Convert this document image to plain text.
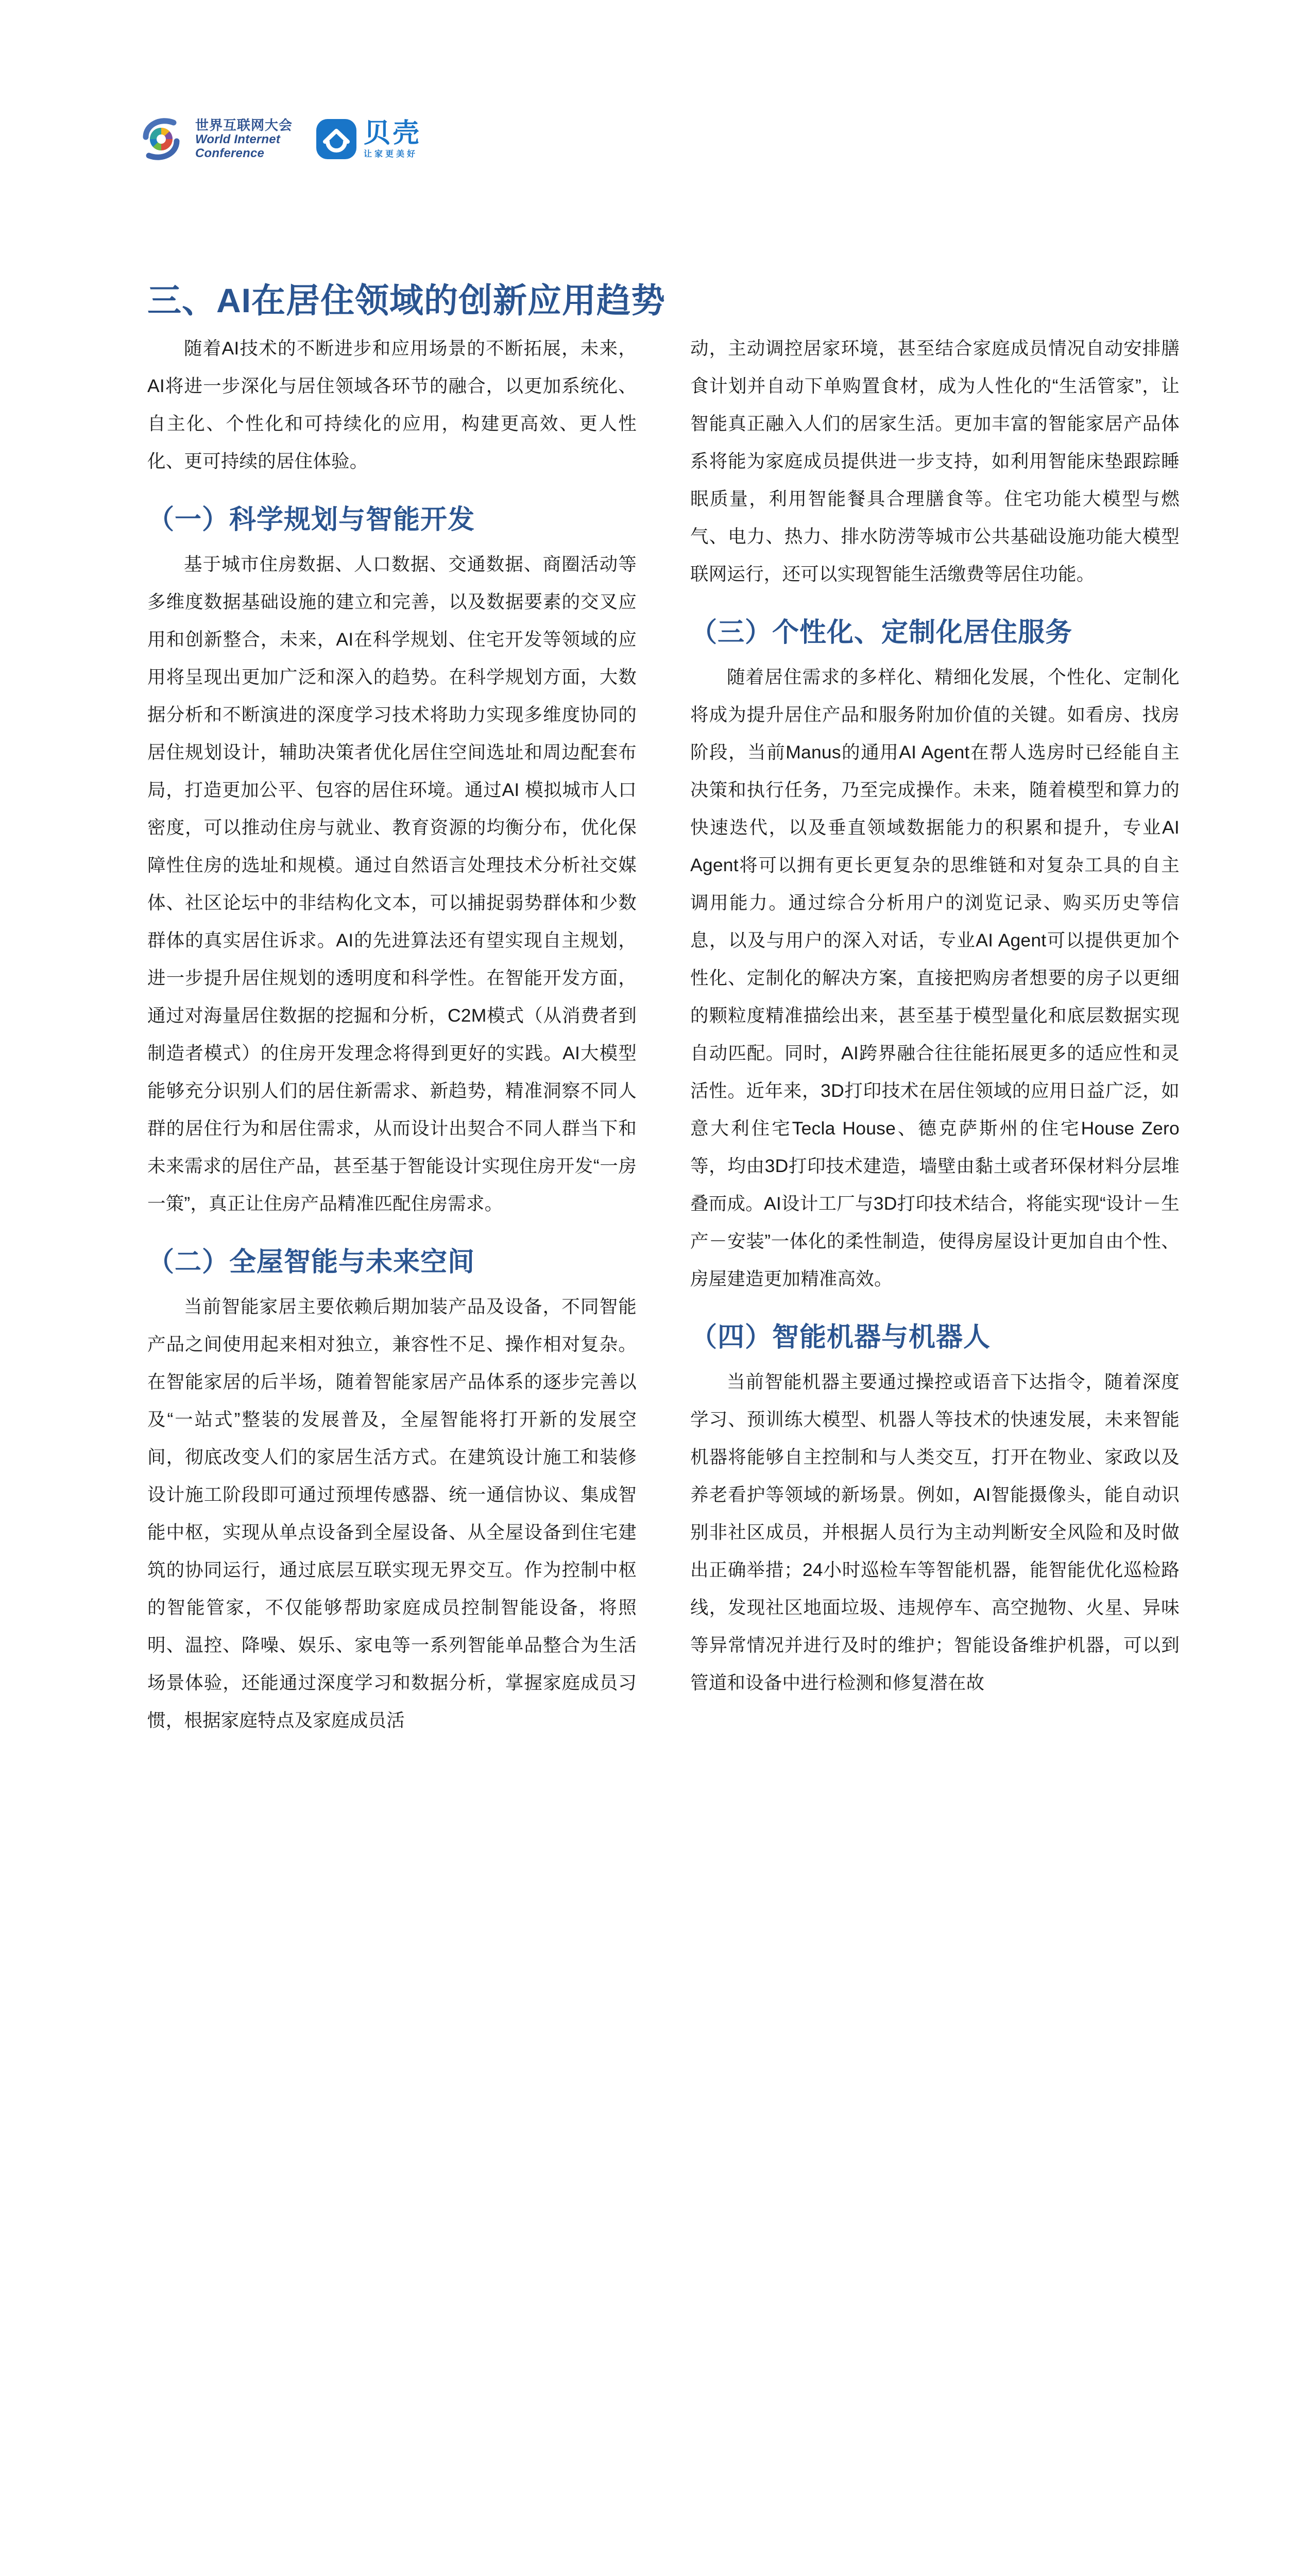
世界互联网大会
World Internet
Conference
贝壳
让家更美好
三、AI在居住领域的创新应用趋势

随着AI技术的不断进步和应用场景的不断拓展，未来，AI将进一步深化与居住领域各环节的融合，以更加系统化、自主化、个性化和可持续化的应用，构建更高效、更人性化、更可持续的居住体验。

（一）科学规划与智能开发

基于城市住房数据、人口数据、交通数据、商圈活动等多维度数据基础设施的建立和完善，以及数据要素的交叉应用和创新整合，未来，AI在科学规划、住宅开发等领域的应用将呈现出更加广泛和深入的趋势。在科学规划方面，大数据分析和不断演进的深度学习技术将助力实现多维度协同的居住规划设计，辅助决策者优化居住空间选址和周边配套布局，打造更加公平、包容的居住环境。通过AI 模拟城市人口密度，可以推动住房与就业、教育资源的均衡分布，优化保障性住房的选址和规模。通过自然语言处理技术分析社交媒体、社区论坛中的非结构化文本，可以捕捉弱势群体和少数群体的真实居住诉求。AI的先进算法还有望实现自主规划，进一步提升居住规划的透明度和科学性。在智能开发方面，通过对海量居住数据的挖掘和分析，C2M模式（从消费者到制造者模式）的住房开发理念将得到更好的实践。AI大模型能够充分识别人们的居住新需求、新趋势，精准洞察不同人群的居住行为和居住需求，从而设计出契合不同人群当下和未来需求的居住产品，甚至基于智能设计实现住房开发“一房一策”，真正让住房产品精准匹配住房需求。

（二）全屋智能与未来空间

当前智能家居主要依赖后期加装产品及设备，不同智能产品之间使用起来相对独立，兼容性不足、操作相对复杂。在智能家居的后半场，随着智能家居产品体系的逐步完善以及“一站式”整装的发展普及，全屋智能将打开新的发展空间，彻底改变人们的家居生活方式。在建筑设计施工和装修设计施工阶段即可通过预埋传感器、统一通信协议、集成智能中枢，实现从单点设备到全屋设备、从全屋设备到住宅建筑的协同运行，通过底层互联实现无界交互。作为控制中枢的智能管家，不仅能够帮助家庭成员控制智能设备，将照明、温控、降噪、娱乐、家电等一系列智能单品整合为生活场景体验，还能通过深度学习和数据分析，掌握家庭成员习惯，根据家庭特点及家庭成员活

动，主动调控居家环境，甚至结合家庭成员情况自动安排膳食计划并自动下单购置食材，成为人性化的“生活管家”，让智能真正融入人们的居家生活。更加丰富的智能家居产品体系将能为家庭成员提供进一步支持，如利用智能床垫跟踪睡眠质量，利用智能餐具合理膳食等。住宅功能大模型与燃气、电力、热力、排水防涝等城市公共基础设施功能大模型联网运行，还可以实现智能生活缴费等居住功能。

（三）个性化、定制化居住服务

随着居住需求的多样化、精细化发展，个性化、定制化将成为提升居住产品和服务附加价值的关键。如看房、找房阶段，当前Manus的通用AI Agent在帮人选房时已经能自主决策和执行任务，乃至完成操作。未来，随着模型和算力的快速迭代，以及垂直领域数据能力的积累和提升，专业AI Agent将可以拥有更长更复杂的思维链和对复杂工具的自主调用能力。通过综合分析用户的浏览记录、购买历史等信息，以及与用户的深入对话，专业AI Agent可以提供更加个性化、定制化的解决方案，直接把购房者想要的房子以更细的颗粒度精准描绘出来，甚至基于模型量化和底层数据实现自动匹配。同时，AI跨界融合往往能拓展更多的适应性和灵活性。近年来，3D打印技术在居住领域的应用日益广泛，如意大利住宅Tecla House、德克萨斯州的住宅House Zero等，均由3D打印技术建造，墙壁由黏土或者环保材料分层堆叠而成。AI设计工厂与3D打印技术结合，将能实现“设计－生产－安装”一体化的柔性制造，使得房屋设计更加自由个性、房屋建造更加精准高效。

（四）智能机器与机器人

当前智能机器主要通过操控或语音下达指令，随着深度学习、预训练大模型、机器人等技术的快速发展，未来智能机器将能够自主控制和与人类交互，打开在物业、家政以及养老看护等领域的新场景。例如，AI智能摄像头，能自动识别非社区成员，并根据人员行为主动判断安全风险和及时做出正确举措；24小时巡检车等智能机器，能智能优化巡检路线，发现社区地面垃圾、违规停车、高空抛物、火星、异味等异常情况并进行及时的维护；智能设备维护机器，可以到管道和设备中进行检测和修复潜在故
